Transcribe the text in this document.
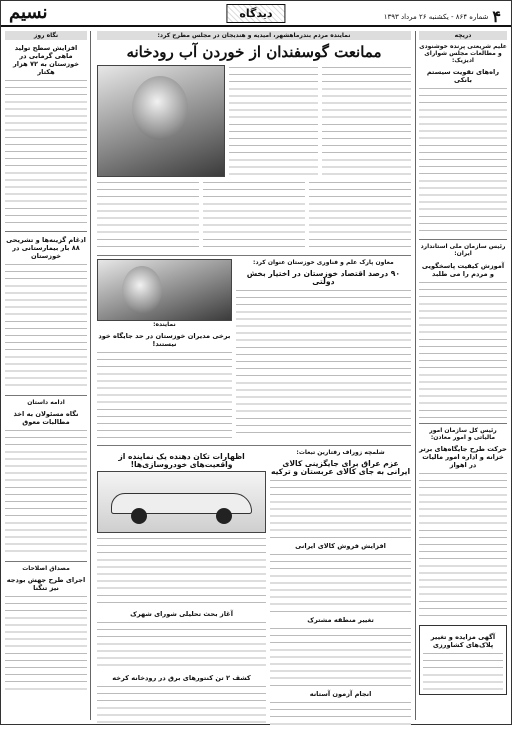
۴
شماره ۸۶۴ - یکشنبه ۲۶ مرداد ۱۳۹۳
دیدگاه
نسیم
دریچه
علیم شریعتی پرنده خوشنودی و مطالعات مجلس شوارای ادیزیک:
راه‌های تقویت سیستم بانکی
رئیس سازمان ملی استاندارد ایران:
آموزش کیفیت پاسخگویی و مردم را می طلبد
رئیس کل سازمان امور مالیاتی و امور معادن:
حرکت طرح جایگاه‌های برتر خزانه و اداره امور مالیات در اهواز
آگهی مزایده و تغییر پلاک‌های کشاورزی
نگاه روز
افزایش سطح تولید ماهی گرمابی در خوزستان به ۷۲ هزار هکتار
ادغام گزینه‌ها و تشریحی ۸۸ بار بیمارستانی در خوزستان
ادامه داستان
نگاه مسئولان به اخذ مطالبات معوق
مصداق اصلاحات
اجرای طرح جهش بودجه نیز تنگنا
نماینده مردم بندرماهشهر، امیدیه و هندیجان در مجلس مطرح کرد:
ممانعت گوسفندان از خوردن آب رودخانه
معاون پارک علم و فناوری خوزستان عنوان کرد:
۹۰ درصد اقتصاد خوزستان در اختیار بخش دولتی
نماینده:
برخی مدیران خوزستان در حد جایگاه خود نیستند!
شلمچه زوراف رفتارین تبعات:
عزم عراق برای جایگزینی کالای ایرانی به جای کالای عربستان و ترکیه
افزایش فروش کالای ایرانی
تغییر منطقه مشترک
انجام آزمون آستانه
اظهارات تکان دهنده یک نماینده از واقعیت‌های خودروسازی‌ها!
آغاز بحث تحلیلی شورای شهرک
کشف ۲ تن کنتورهای برق در رودخانه کرخه
